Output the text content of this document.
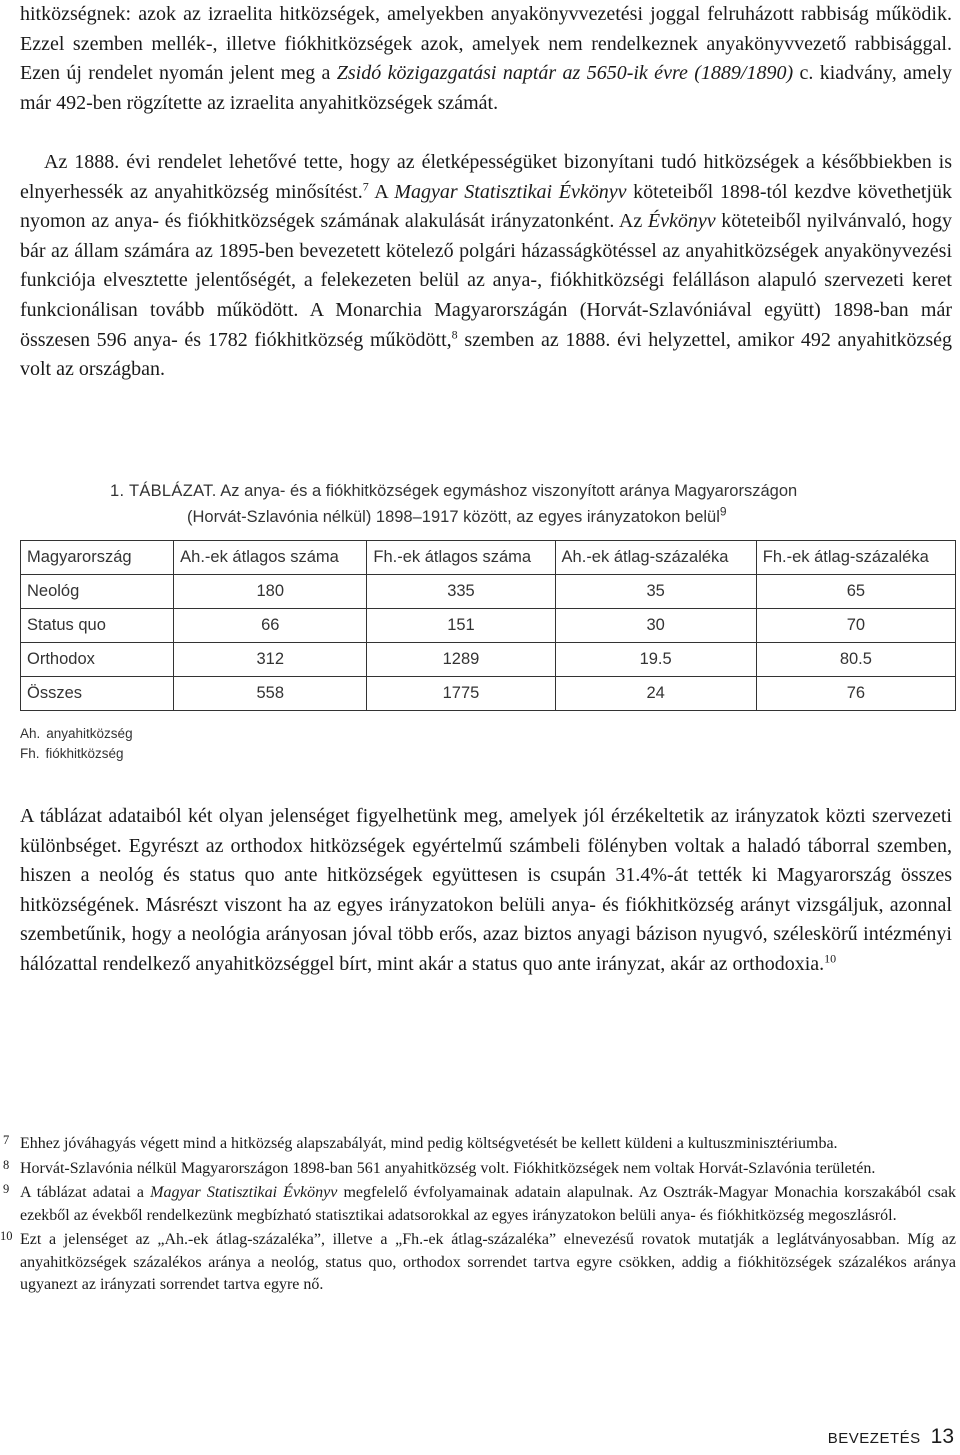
hitközségnek: azok az izraelita hitközségek, amelyekben anyakönyvvezetési joggal felruházott rabbiság működik. Ezzel szemben mellék-, illetve fiókhitközségek azok, amelyek nem rendelkeznek anyakönyvvezető rabbisággal. Ezen új rendelet nyomán jelent meg a Zsidó közigazgatási naptár az 5650-ik évre (1889/1890) c. kiadvány, amely már 492-ben rögzítette az izraelita anyahitközségek számát.

Az 1888. évi rendelet lehetővé tette, hogy az életképességüket bizonyítani tudó hitközségek a későbbiekben is elnyerhessék az anyahitközség minősítést.$^7$ A Magyar Statisztikai Évkönyv köteteiből 1898-tól kezdve követhetjük nyomon az anya- és fiókhitközségek számának alakulását irányzatonként. Az Évkönyv köteteiből nyilvánvaló, hogy bár az állam számára az 1895-ben bevezetett kötelező polgári házasságkötéssel az anyahitközségek anyakönyvezési funkciója elvesztette jelentőségét, a felekezeten belül az anya-, fiókhitközségi felálláson alapuló szervezeti keret funkcionálisan tovább működött. A Monarchia Magyarországán (Horvát-Szlavóniával együtt) 1898-ban már összesen 596 anya- és 1782 fiókhitközség működött,$^8$ szemben az 1888. évi helyzettel, amikor 492 anyahitközség volt az országban.

1. TÁBLÁZAT. Az anya- és a fiókhitközségek egymáshoz viszonyított aránya Magyarországon
(Horvát-Szlavónia nélkül) 1898–1917 között, az egyes irányzatokon belül$^9$
Magyarország	Ah.-ek átlagos száma	Fh.-ek átlagos száma	Ah.-ek átlag-százaléka	Fh.-ek átlag-százaléka
Neológ	180	335	35	65
Status quo	66	151	30	70
Orthodox	312	1289	19.5	80.5
Összes	558	1775	24	76
Ah. anyahitközség
Fh. fiókhitközség

A táblázat adataiból két olyan jelenséget figyelhetünk meg, amelyek jól érzékeltetik az irányzatok közti szervezeti különbséget. Egyrészt az orthodox hitközségek egyértelmű számbeli fölényben voltak a haladó táborral szemben, hiszen a neológ és status quo ante hitközségek együttesen is csupán 31.4%-át tették ki Magyarország összes hitközségének. Másrészt viszont ha az egyes irányzatokon belüli anya- és fiókhitközség arányt vizsgáljuk, azonnal szembetűnik, hogy a neológia arányosan jóval több erős, azaz biztos anyagi bázison nyugvó, széleskörű intézményi hálózattal rendelkező anyahitközséggel bírt, mint akár a status quo ante irányzat, akár az orthodoxia.$^{10}$

7 Ehhez jóváhagyás végett mind a hitközség alapszabályát, mind pedig költségvetését be kellett küldeni a kultuszminisztériumba.
8 Horvát-Szlavónia nélkül Magyarországon 1898-ban 561 anyahitközség volt. Fiókhitközségek nem voltak Horvát-Szlavónia területén.
9 A táblázat adatai a Magyar Statisztikai Évkönyv megfelelő évfolyamainak adatain alapulnak. Az Osztrák-Magyar Monachia korszakából csak ezekből az évekből rendelkezünk megbízható statisztikai adatsorokkal az egyes irányzatokon belüli anya- és fiókhitközség megoszlásról.
10 Ezt a jelenséget az „Ah.-ek átlag-százaléka”, illetve a „Fh.-ek átlag-százaléka” elnevezésű rovatok mutatják a leglátványosabban. Míg az anyahitközségek százalékos aránya a neológ, status quo, orthodox sorrendet tartva egyre csökken, addig a fiókhitözségek százalékos aránya ugyanezt az irányzati sorrendet tartva egyre nő.
BEVEZETÉS 13
